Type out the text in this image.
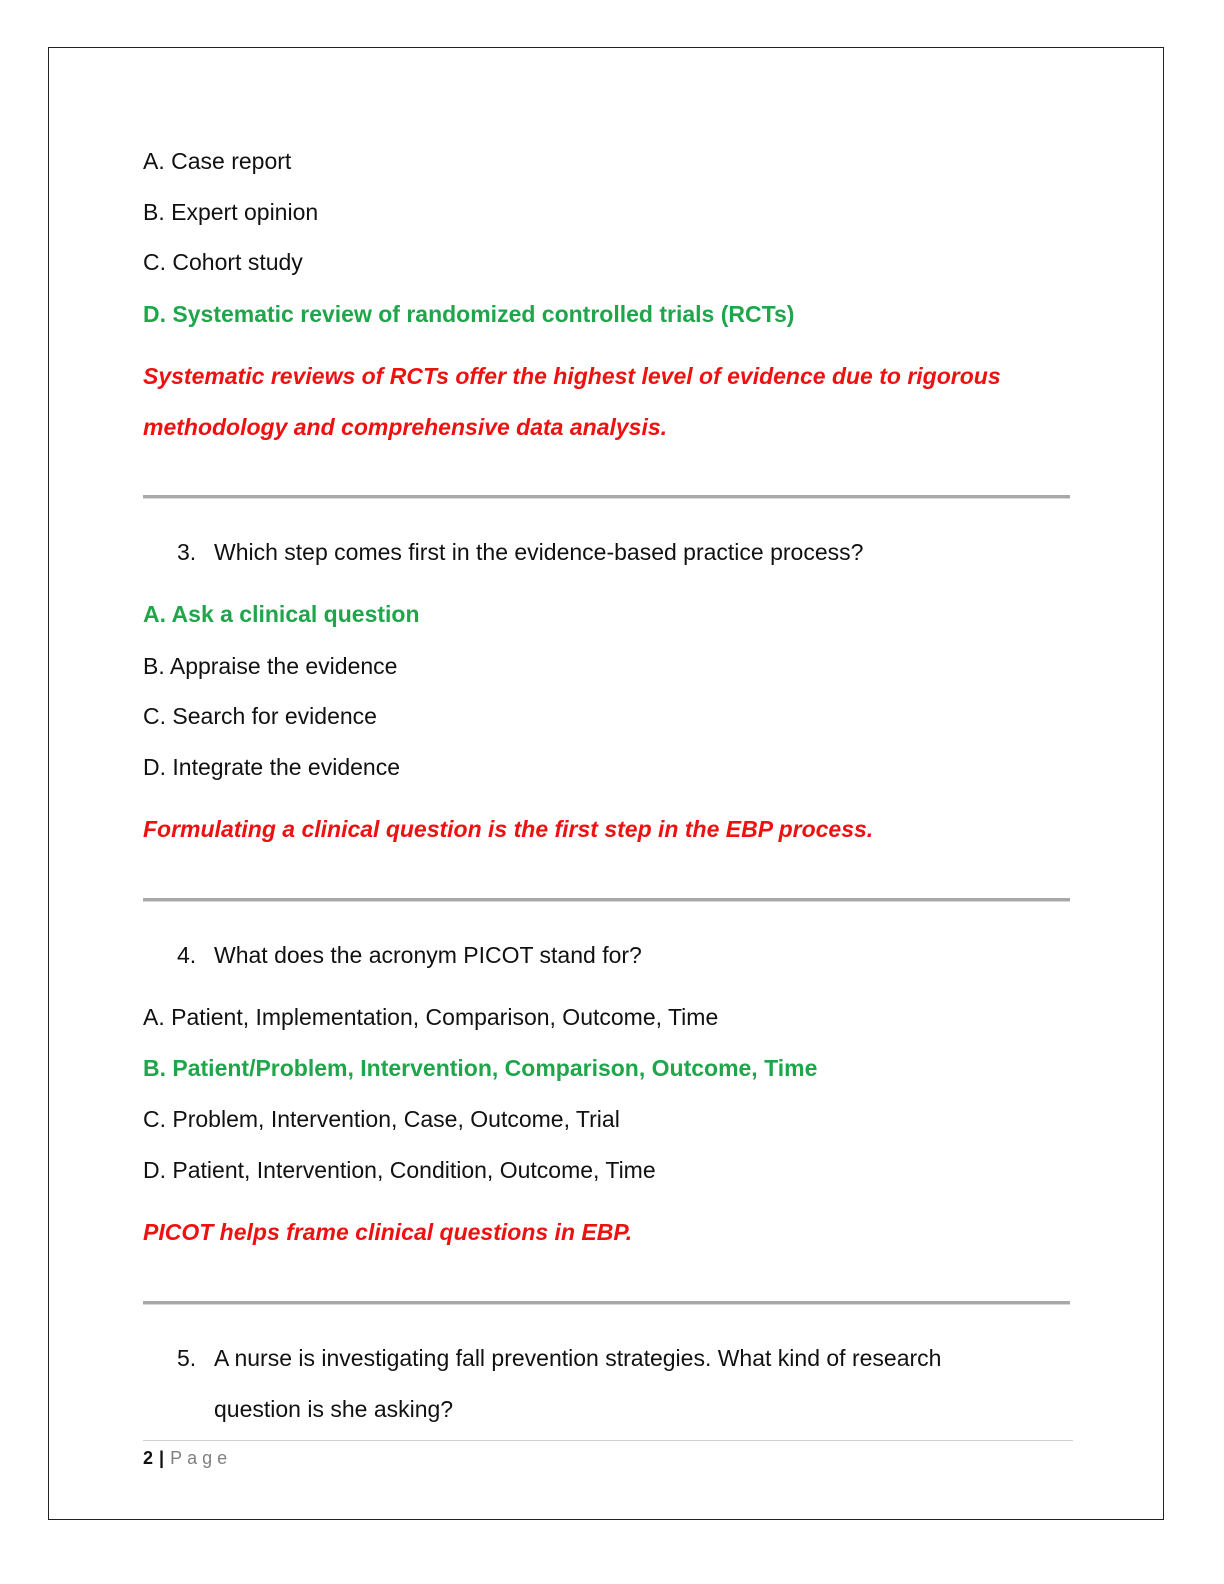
A. Case report
B. Expert opinion
C. Cohort study
D. Systematic review of randomized controlled trials (RCTs)
Systematic reviews of RCTs offer the highest level of evidence due to rigorous
methodology and comprehensive data analysis.
3. Which step comes first in the evidence-based practice process?
A. Ask a clinical question
B. Appraise the evidence
C. Search for evidence
D. Integrate the evidence
Formulating a clinical question is the first step in the EBP process.
4. What does the acronym PICOT stand for?
A. Patient, Implementation, Comparison, Outcome, Time
B. Patient/Problem, Intervention, Comparison, Outcome, Time
C. Problem, Intervention, Case, Outcome, Trial
D. Patient, Intervention, Condition, Outcome, Time
PICOT helps frame clinical questions in EBP.
5. A nurse is investigating fall prevention strategies. What kind of research
question is she asking?
2 | Page
